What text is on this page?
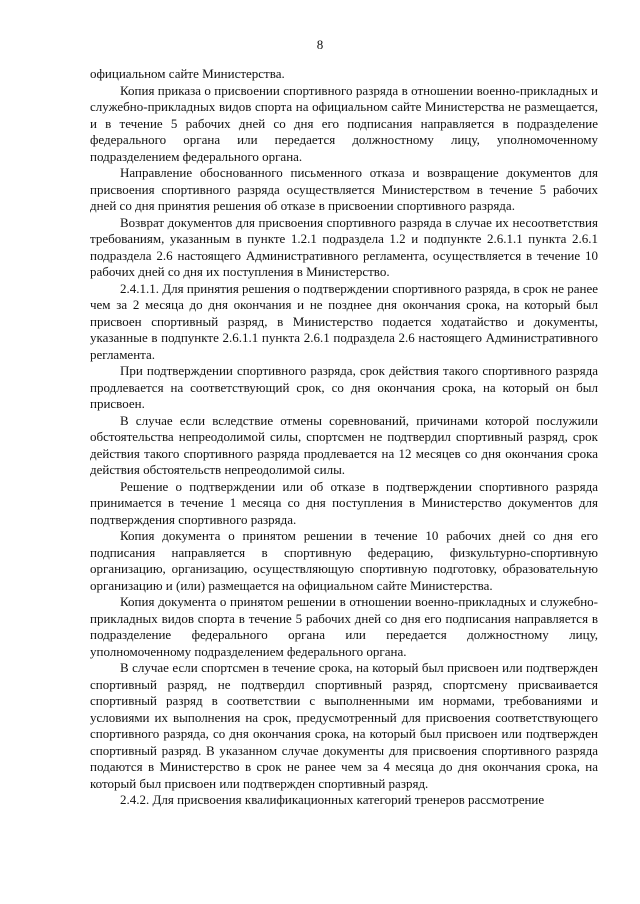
8

официальном сайте Министерства.

Копия приказа о присвоении спортивного разряда в отношении военно-прикладных и служебно-прикладных видов спорта на официальном сайте Министерства не размещается, и в течение 5 рабочих дней со дня его подписания направляется в подразделение федерального органа или передается должностному лицу, уполномоченному подразделением федерального органа.

Направление обоснованного письменного отказа и возвращение документов для присвоения спортивного разряда осуществляется Министерством в течение 5 рабочих дней со дня принятия решения об отказе в присвоении спортивного разряда.

Возврат документов для присвоения спортивного разряда в случае их несоответствия требованиям, указанным в пункте 1.2.1 подраздела 1.2 и подпункте 2.6.1.1 пункта 2.6.1 подраздела 2.6 настоящего Административного регламента, осуществляется в течение 10 рабочих дней со дня их поступления в Министерство.

2.4.1.1. Для принятия решения о подтверждении спортивного разряда, в срок не ранее чем за 2 месяца до дня окончания и не позднее дня окончания срока, на который был присвоен спортивный разряд, в Министерство подается ходатайство и документы, указанные в подпункте 2.6.1.1 пункта 2.6.1 подраздела 2.6 настоящего Административного регламента.

При подтверждении спортивного разряда, срок действия такого спортивного разряда продлевается на соответствующий срок, со дня окончания срока, на который он был присвоен.

В случае если вследствие отмены соревнований, причинами которой послужили обстоятельства непреодолимой силы, спортсмен не подтвердил спортивный разряд, срок действия такого спортивного разряда продлевается на 12 месяцев со дня окончания срока действия обстоятельств непреодолимой силы.

Решение о подтверждении или об отказе в подтверждении спортивного разряда принимается в течение 1 месяца со дня поступления в Министерство документов для подтверждения спортивного разряда.

Копия документа о принятом решении в течение 10 рабочих дней со дня его подписания направляется в спортивную федерацию, физкультурно-спортивную организацию, организацию, осуществляющую спортивную подготовку, образовательную организацию и (или) размещается на официальном сайте Министерства.

Копия документа о принятом решении в отношении военно-прикладных и служебно-прикладных видов спорта в течение 5 рабочих дней со дня его подписания направляется в подразделение федерального органа или передается должностному лицу, уполномоченному подразделением федерального органа.

В случае если спортсмен в течение срока, на который был присвоен или подтвержден спортивный разряд, не подтвердил спортивный разряд, спортсмену присваивается спортивный разряд в соответствии с выполненными им нормами, требованиями и условиями их выполнения на срок, предусмотренный для присвоения соответствующего спортивного разряда, со дня окончания срока, на который был присвоен или подтвержден спортивный разряд. В указанном случае документы для присвоения спортивного разряда подаются в Министерство в срок не ранее чем за 4 месяца до дня окончания срока, на который был присвоен или подтвержден спортивный разряд.

2.4.2. Для присвоения квалификационных категорий тренеров рассмотрение
